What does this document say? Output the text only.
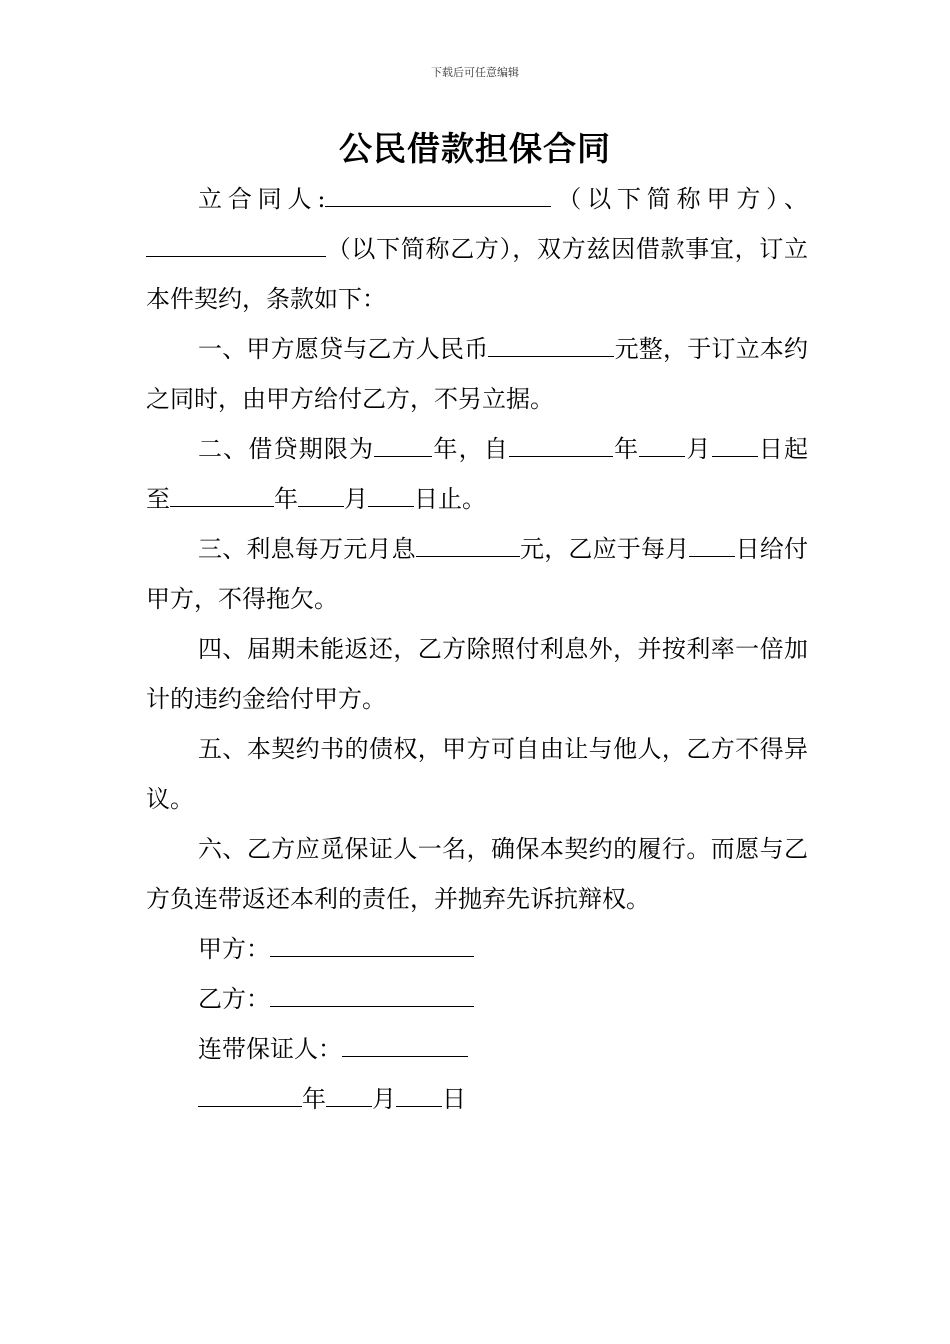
下载后可任意编辑
公民借款担保合同

立合同人:	（以下简称甲方）、（以下简称乙方），双方兹因借款事宜，订立本件契约，条款如下：

一、甲方愿贷与乙方人民币	元整，于订立本约之同时，由甲方给付乙方，不另立据。

二、借贷期限为 年，自	年 月 日起至	年 月 日止。

三、利息每万元月息	元，乙应于每月 日给付甲方，不得拖欠。

四、届期未能返还，乙方除照付利息外，并按利率一倍加计的违约金给付甲方。

五、本契约书的债权，甲方可自由让与他人，乙方不得异议。

六、乙方应觅保证人一名，确保本契约的履行。而愿与乙方负连带返还本利的责任，并抛弃先诉抗辩权。

甲方：
乙方：
连带保证人：
年 月 日
